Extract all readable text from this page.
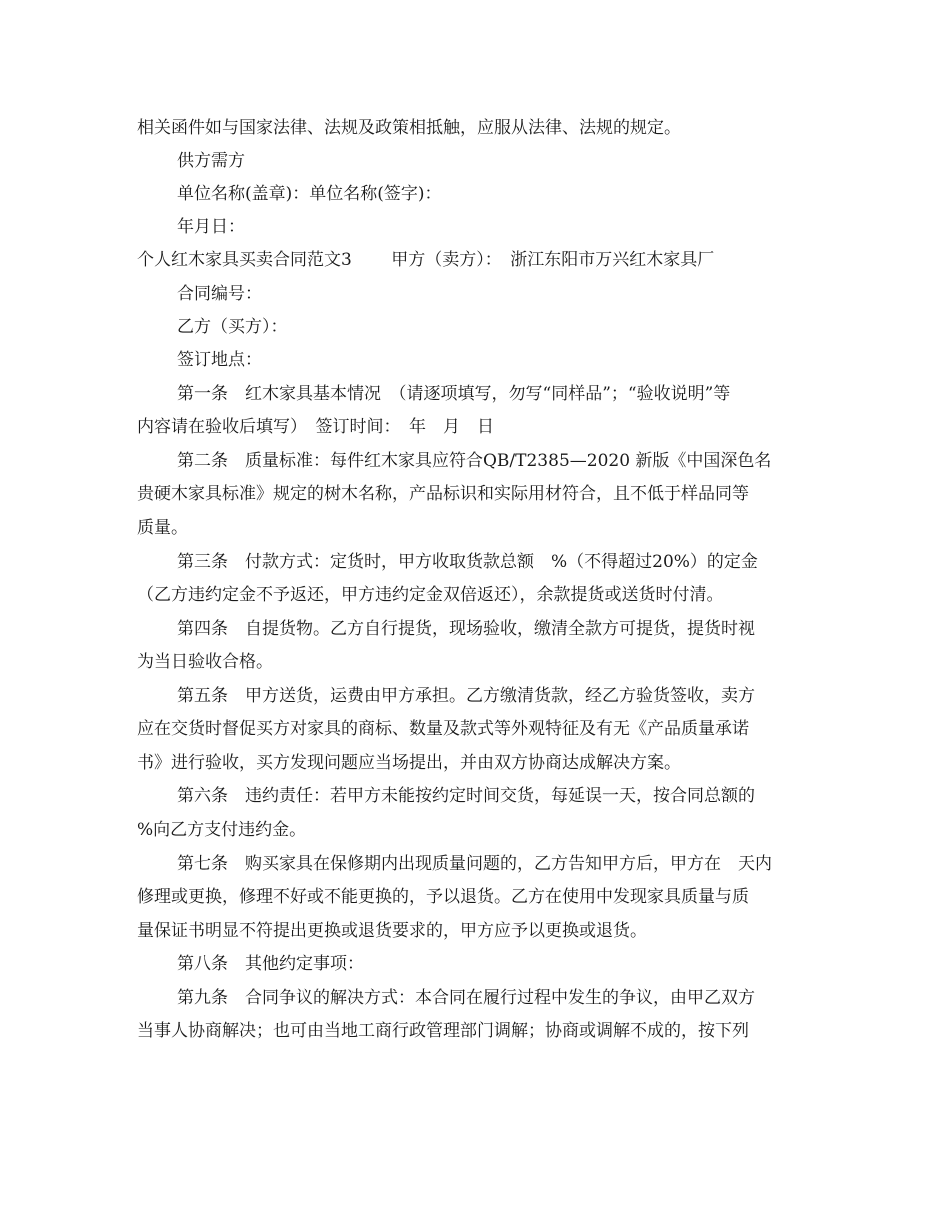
相关函件如与国家法律、法规及政策相抵触，应服从法律、法规的规定。
供方需方
单位名称(盖章)：单位名称(签字)：
年月日：
个人红木家具买卖合同范文3　　 甲方（卖方）：　浙江东阳市万兴红木家具厂
合同编号：
乙方（买方）：
签订地点：
第一条　红木家具基本情况　（请逐项填写，勿写“同样品”；“验收说明”等
内容请在验收后填写）　签订时间：　年　月　日
第二条　质量标准：每件红木家具应符合QB/T2385—2020 新版《中国深色名
贵硬木家具标准》规定的树木名称，产品标识和实际用材符合，且不低于样品同等
质量。
第三条　付款方式：定货时，甲方收取货款总额　%（不得超过20%）的定金
（乙方违约定金不予返还，甲方违约定金双倍返还），余款提货或送货时付清。
第四条　自提货物。乙方自行提货，现场验收，缴清全款方可提货，提货时视
为当日验收合格。
第五条　甲方送货，运费由甲方承担。乙方缴清货款，经乙方验货签收，卖方
应在交货时督促买方对家具的商标、数量及款式等外观特征及有无《产品质量承诺
书》进行验收，买方发现问题应当场提出，并由双方协商达成解决方案。
第六条　违约责任：若甲方未能按约定时间交货，每延误一天，按合同总额的
%向乙方支付违约金。
第七条　购买家具在保修期内出现质量问题的，乙方告知甲方后，甲方在　天内
修理或更换，修理不好或不能更换的，予以退货。乙方在使用中发现家具质量与质
量保证书明显不符提出更换或退货要求的，甲方应予以更换或退货。
第八条　其他约定事项：
第九条　合同争议的解决方式：本合同在履行过程中发生的争议，由甲乙双方
当事人协商解决；也可由当地工商行政管理部门调解；协商或调解不成的，按下列
